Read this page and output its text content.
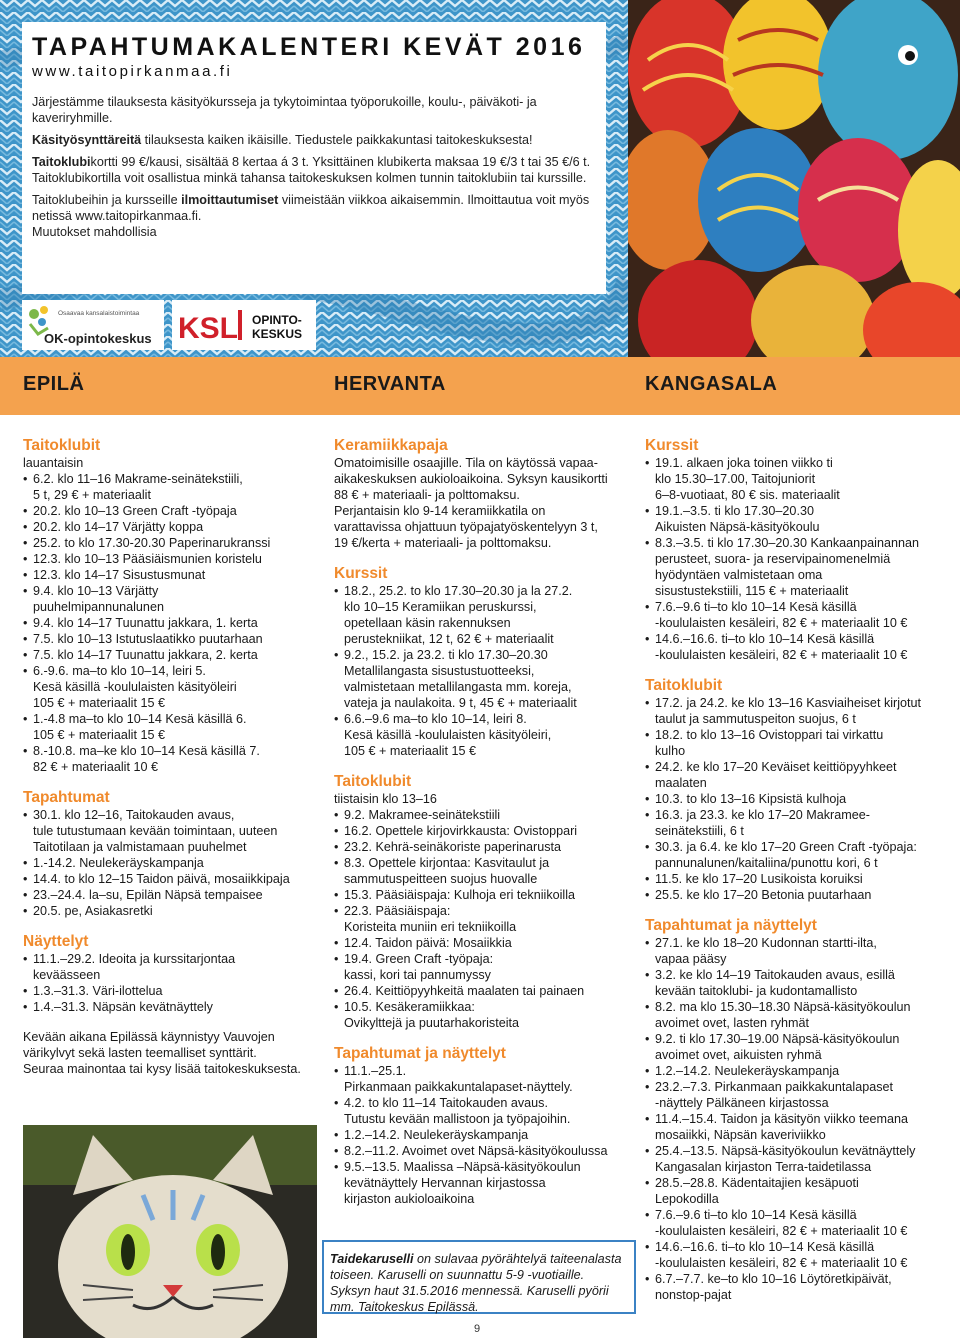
TAPAHTUMAKALENTERI KEVÄT 2016
www.taitopirkanmaa.fi

Järjestämme tilauksesta käsityökursseja ja tykytoimintaa työporukoille, koulu-, päiväkoti- ja kaveriryhmille.

Käsityösynttäreitä tilauksesta kaiken ikäisille. Tiedustele paikkakuntasi taitokeskuksesta!

Taitoklubikortti 99 €/kausi, sisältää 8 kertaa á 3 t. Yksittäinen klubikerta maksaa 19 €/3 t tai 35 €/6 t. Taitoklubikortilla voit osallistua minkä tahansa taitokeskuksen kolmen tunnin taitoklubiin tai kurssille.

Taitoklubeihin ja kursseille ilmoittautumiset viimeistään viikkoa aikaisemmin. Ilmoittautua voit myös netissä www.taitopirkanmaa.fi.
Muutokset mahdollisia

Osaavaa kansalaistoimintaa
OK-opintokeskus KSL OPINTO-
KESKUS
EPILÄ	HERVANTA	KANGASALA
Taitoklubit
lauantaisin
• 6.2. klo 11–16 Makrame-seinätekstiili,
5 t, 29 € + materiaalit
• 20.2. klo 10–13 Green Craft -työpaja
• 20.2. klo 14–17 Värjätty koppa
• 25.2. to klo 17.30-20.30 Paperinarukranssi
• 12.3. klo 10–13 Pääsiäismunien koristelu
• 12.3. klo 14–17 Sisustusmunat
• 9.4. klo 10–13 Värjätty
puuhelmipannunalunen
• 9.4. klo 14–17 Tuunattu jakkara, 1. kerta
• 7.5. klo 10–13 Istutuslaatikko puutarhaan
• 7.5. klo 14–17 Tuunattu jakkara, 2. kerta
• 6.-9.6. ma–to klo 10–14, leiri 5.
Kesä käsillä -koululaisten käsityöleiri
105 € + materiaalit 15 €
• 1.-4.8 ma–to klo 10–14 Kesä käsillä 6.
105 € + materiaalit 15 €
• 8.-10.8. ma–ke klo 10–14 Kesä käsillä 7.
82 € + materiaalit 10 €
Tapahtumat
• 30.1. klo 12–16, Taitokauden avaus,
tule tutustumaan kevään toimintaan, uuteen
Taitotilaan ja valmistamaan puuhelmet
• 1.-14.2. Neulekeräyskampanja
• 14.4. to klo 12–15 Taidon päivä, mosaiikkipaja
• 23.–24.4. la–su, Epilän Näpsä tempaisee
• 20.5. pe, Asiakasretki
Näyttelyt
• 11.1.–29.2. Ideoita ja kurssitarjontaa
keväässeen
• 1.3.–31.3. Väri-ilottelua
• 1.4.–31.3. Näpsän kevätnäyttely
Kevään aikana Epilässä käynnistyy Vauvojen
värikylvyt sekä lasten teemalliset synttärit.
Seuraa mainontaa tai kysy lisää taitokeskuksesta.
Keramiikkapaja
Omatoimisille osaajille. Tila on käytössä vapaa-
aikakeskuksen aukioloaikoina. Syksyn kausikortti
88 € + materiaali- ja polttomaksu.
Perjantaisin klo 9-14 keramiikkatila on
varattavissa ohjattuun työpajatyöskentelyyn 3 t,
19 €/kerta + materiaali- ja polttomaksu.
Kurssit
• 18.2., 25.2. to klo 17.30–20.30 ja la 27.2.
klo 10–15 Keramiikan peruskurssi,
opetellaan käsin rakennuksen
perustekniikat, 12 t, 62 € + materiaalit
• 9.2., 15.2. ja 23.2. ti klo 17.30–20.30
Metallilangasta sisustustuotteeksi,
valmistetaan metallilangasta mm. koreja,
vateja ja naulakoita. 9 t, 45 € + materiaalit
• 6.6.–9.6 ma–to klo 10–14, leiri 8.
Kesä käsillä -koululaisten käsityöleiri,
105 € + materiaalit 15 €
Taitoklubit
tiistaisin klo 13–16
• 9.2. Makrameе-seinätekstiili
• 16.2. Opettele kirjovirkkausta: Ovistoppari
• 23.2. Kehrä-seinäkoriste paperinarusta
• 8.3. Opettele kirjontaa: Kasvitaulut ja
sammutuspeitteen suojus huovalle
• 15.3. Pääsiäispaja: Kulhoja eri tekniikoilla
• 22.3. Pääsiäispaja:
Koristeita muniin eri tekniikoilla
• 12.4. Taidon päivä: Mosaiikkia
• 19.4. Green Craft -työpaja:
kassi, kori tai pannumyssy
• 26.4. Keittiöpyyhkeitä maalaten tai painaen
• 10.5. Kesäkeramiikkaa:
Ovikylttejä ja puutarhakoristeita
Tapahtumat ja näyttelyt
• 11.1.–25.1.
Pirkanmaan paikkakuntalapaset-näyttely.
• 4.2. to klo 11–14 Taitokauden avaus.
Tutustu kevään mallistoon ja työpajoihin.
• 1.2.–14.2. Neulekeräyskampanja
• 8.2.–11.2. Avoimet ovet Näpsä-käsityökoulussa
• 9.5.–13.5. Maalissa –Näpsä-käsityökoulun
kevätnäyttely Hervannan kirjastossa
kirjaston aukioloaikoina
Taidekaruselli on sulavaa pyörähtelyä taiteenalasta toiseen. Karuselli on suunnattu 5-9 -vuotiaille. Syksyn haut 31.5.2016 mennessä. Karuselli pyörii mm. Taitokeskus Epilässä.
Kurssit
• 19.1. alkaen joka toinen viikko ti
klo 15.30–17.00, Taitojuniorit
6–8-vuotiaat, 80 € sis. materiaalit
• 19.1.–3.5. ti klo 17.30–20.30
Aikuisten Näpsä-käsityökoulu
• 8.3.–3.5. ti klo 17.30–20.30 Kankaanpainannan
perusteet, suora- ja reservipainomenelmiä
hyödyntäen valmistetaan oma
sisustustekstiili, 115 € + materiaalit
• 7.6.–9.6 ti–to klo 10–14 Kesä käsillä
-koululaisten kesäleiri, 82 € + materiaalit 10 €
• 14.6.–16.6. ti–to klo 10–14 Kesä käsillä
-koululaisten kesäleiri, 82 € + materiaalit 10 €
Taitoklubit
• 17.2. ja 24.2. ke klo 13–16 Kasviaiheiset kirjotut
taulut ja sammutuspeiton suojus, 6 t
• 18.2. to klo 13–16 Ovistoppari tai virkattu
kulho
• 24.2. ke klo 17–20 Keväiset keittiöpyyhkeet
maalaten
• 10.3. to klo 13–16 Kipsistä kulhoja
• 16.3. ja 23.3. ke klo 17–20 Makrameе-
seinätekstiili, 6 t
• 30.3. ja 6.4. ke klo 17–20 Green Craft -työpaja:
pannunalunen/kaitaliina/punottu kori, 6 t
• 11.5. ke klo 17–20 Lusikoista koruiksi
• 25.5. ke klo 17–20 Betonia puutarhaan
Tapahtumat ja näyttelyt
• 27.1. ke klo 18–20 Kudonnan startti-ilta,
vapaa pääsy
• 3.2. ke klo 14–19 Taitokauden avaus, esillä
kevään taitoklubi- ja kudontamallisto
• 8.2. ma klo 15.30–18.30 Näpsä-käsityökoulun
avoimet ovet, lasten ryhmät
• 9.2. ti klo 17.30–19.00 Näpsä-käsityökoulun
avoimet ovet, aikuisten ryhmä
• 1.2.–14.2. Neulekeräyskampanja
• 23.2.–7.3. Pirkanmaan paikkakuntalapaset
-näyttely Pälkäneen kirjastossa
• 11.4.–15.4. Taidon ja käsityön viikko teemana
mosaiikki, Näpsän kaveriviikko
• 25.4.–13.5. Näpsä-käsityökoulun kevätnäyttely
Kangasalan kirjaston Terra-taidetilassa
• 28.5.–28.8. Kädentaitajien kesäpuoti
Lepokodilla
• 7.6.–9.6 ti–to klo 10–14 Kesä käsillä
-koululaisten kesäleiri, 82 € + materiaalit 10 €
• 14.6.–16.6. ti–to klo 10–14 Kesä käsillä
-koululaisten kesäleiri, 82 € + materiaalit 10 €
• 6.7.–7.7. ke–to klo 10–16 Löytöretkipäivät,
nonstop-pajat
9
